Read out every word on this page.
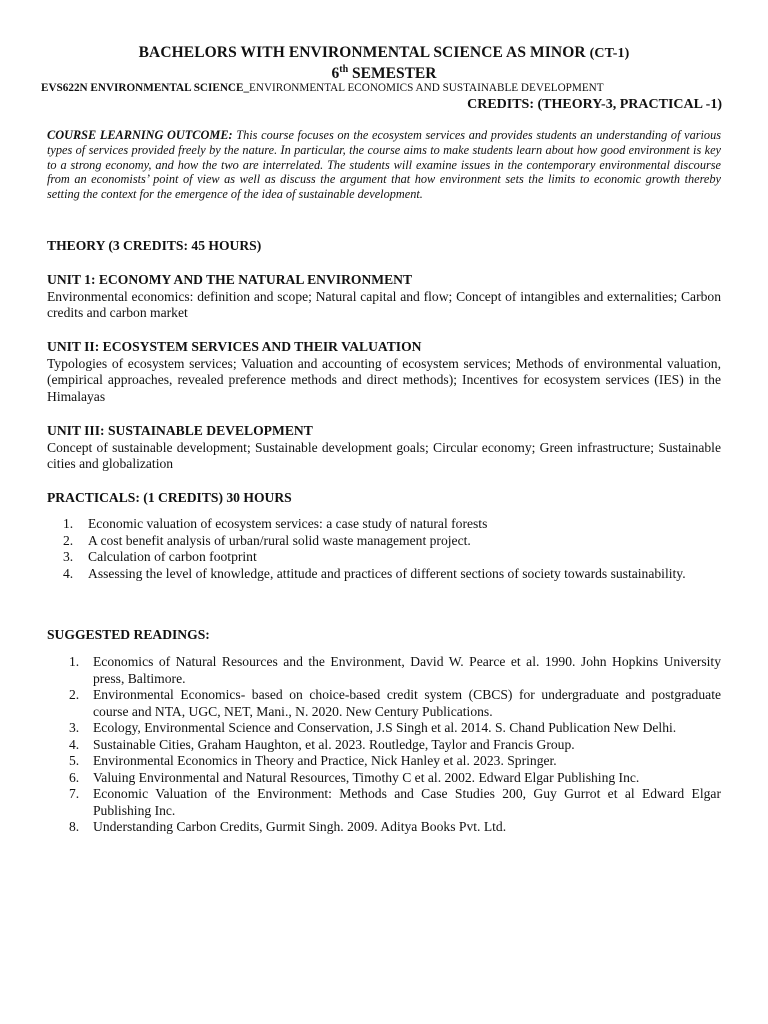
BACHELORS WITH ENVIRONMENTAL SCIENCE AS MINOR (CT-1)
6th SEMESTER
EVS622N ENVIRONMENTAL SCIENCE_ENVIRONMENTAL ECONOMICS AND SUSTAINABLE DEVELOPMENT
CREDITS: (THEORY-3, PRACTICAL -1)
COURSE LEARNING OUTCOME: This course focuses on the ecosystem services and provides students an understanding of various types of services provided freely by the nature. In particular, the course aims to make students learn about how good environment is key to a strong economy, and how the two are interrelated. The students will examine issues in the contemporary environmental discourse from an economists’ point of view as well as discuss the argument that how environment sets the limits to economic growth thereby setting the context for the emergence of the idea of sustainable development.
THEORY (3 CREDITS: 45 HOURS)
UNIT 1: ECONOMY AND THE NATURAL ENVIRONMENT
Environmental economics: definition and scope; Natural capital and flow; Concept of intangibles and externalities; Carbon credits and carbon market
UNIT II: ECOSYSTEM SERVICES AND THEIR VALUATION
Typologies of ecosystem services; Valuation and accounting of ecosystem services; Methods of environmental valuation, (empirical approaches, revealed preference methods and direct methods); Incentives for ecosystem services (IES) in the Himalayas
UNIT III: SUSTAINABLE DEVELOPMENT
Concept of sustainable development; Sustainable development goals; Circular economy; Green infrastructure; Sustainable cities and globalization
PRACTICALS: (1 CREDITS) 30 HOURS
1. Economic valuation of ecosystem services: a case study of natural forests
2. A cost benefit analysis of urban/rural solid waste management project.
3. Calculation of carbon footprint
4. Assessing the level of knowledge, attitude and practices of different sections of society towards sustainability.
SUGGESTED READINGS:
1. Economics of Natural Resources and the Environment, David W. Pearce et al. 1990. John Hopkins University press, Baltimore.
2. Environmental Economics- based on choice-based credit system (CBCS) for undergraduate and postgraduate course and NTA, UGC, NET, Mani., N. 2020. New Century Publications.
3. Ecology, Environmental Science and Conservation, J.S Singh et al. 2014. S. Chand Publication New Delhi.
4. Sustainable Cities, Graham Haughton, et al. 2023. Routledge, Taylor and Francis Group.
5. Environmental Economics in Theory and Practice, Nick Hanley et al. 2023. Springer.
6. Valuing Environmental and Natural Resources, Timothy C et al. 2002. Edward Elgar Publishing Inc.
7. Economic Valuation of the Environment: Methods and Case Studies 200, Guy Gurrot et al Edward Elgar Publishing Inc.
8. Understanding Carbon Credits, Gurmit Singh. 2009. Aditya Books Pvt. Ltd.
